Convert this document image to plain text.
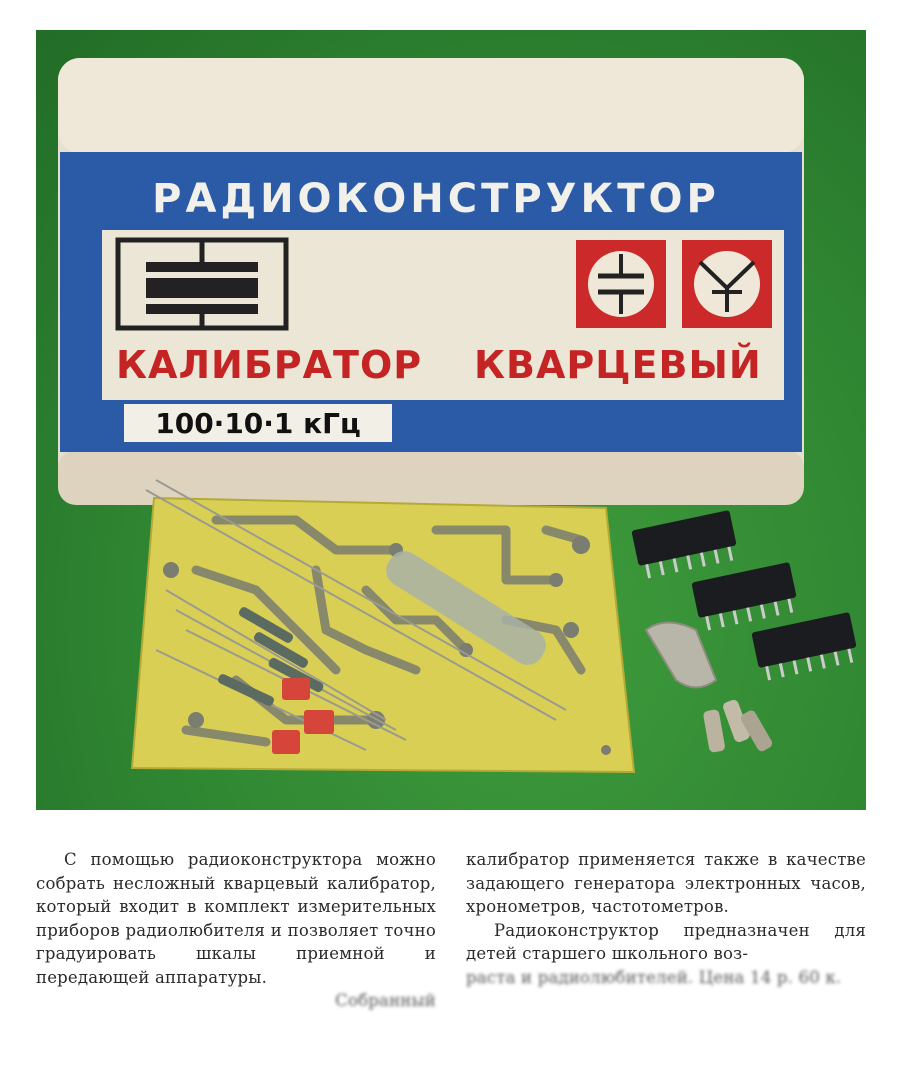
РАДИОКОНСТРУКТОР
КАЛИБРАТОР КВАРЦЕВЫЙ
100·10·1 кГц

С помощью радиоконструктора можно собрать несложный кварцевый калибратор, который входит в комплект измерительных приборов радиолюбителя и позволяет точно градуировать шкалы приемной и передающей аппаратуры.

Собранный

калибратор применяется также в качестве задающего генератора электронных часов, хронометров, частотометров.

Радиоконструктор предназначен для детей старшего школьного воз-

раста и радиолюбителей. Цена 14 р. 60 к.
